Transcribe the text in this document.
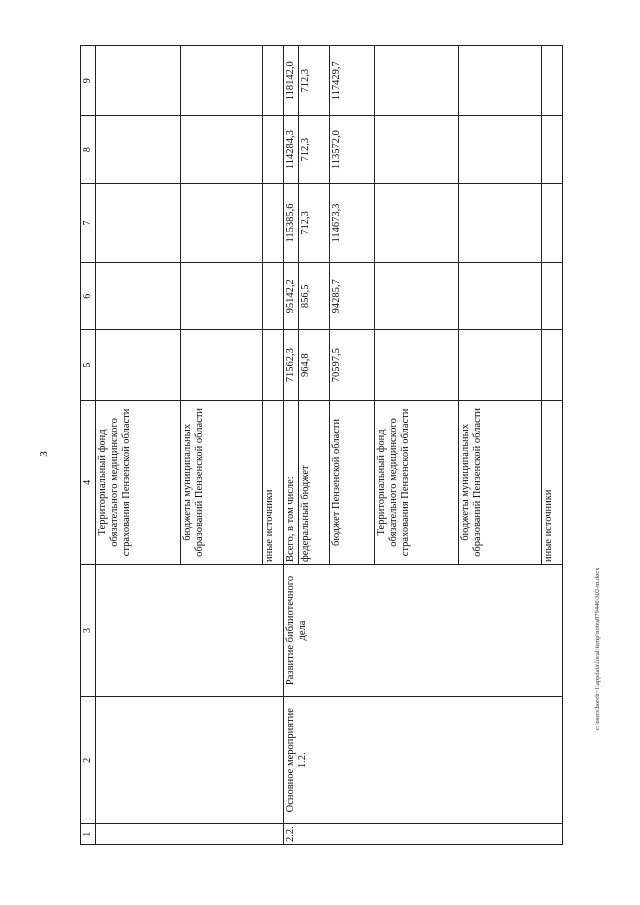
3
1	2	3	4	5	6	7	8	9
			Территориальный фонд обязательного медицинского страхования Пензенской области					
			бюджеты муниципальных образований Пензенской области					
			иные источники					
2.2.	Основное мероприятие 1.2.	Развитие библиотечного дела	Всего, в том числе:	71562,3	95142,2	115385,6	114284,3	118142,0
			федеральный бюджет	964,8	856,5	712,3	712,3	712,3
			бюджет Пензенской области	70597,5	94285,7	114673,3	113572,0	117429,7
			Территориальный фонд обязательного медицинского страхования Пензенской области					
			бюджеты муниципальных образований Пензенской области					
			иные источники					
c:\users\borch~1\appdata\local\temp\notes879446\302-m.docx
